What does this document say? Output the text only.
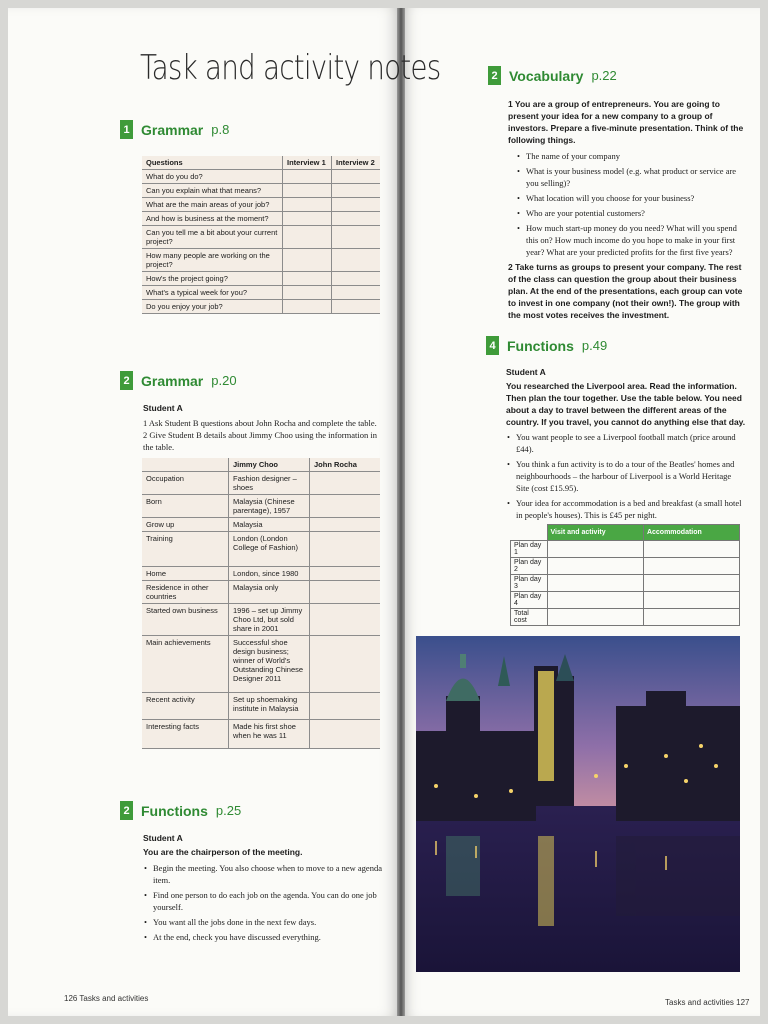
Task and activity notes
1 Grammar p.8
Questions	Interview 1	Interview 2
What do you do?		
Can you explain what that means?		
What are the main areas of your job?		
And how is business at the moment?		
Can you tell me a bit about your current project?		
How many people are working on the project?		
How's the project going?		
What's a typical week for you?		
Do you enjoy your job?		
2 Grammar p.20
Student A
1 Ask Student B questions about John Rocha and complete the table.
2 Give Student B details about Jimmy Choo using the information in the table.
	Jimmy Choo	John Rocha
Occupation	Fashion designer – shoes	
Born	Malaysia (Chinese parentage), 1957	
Grow up	Malaysia	
Training	London (London College of Fashion)	
Home	London, since 1980	
Residence in other countries	Malaysia only	
Started own business	1996 – set up Jimmy Choo Ltd, but sold share in 2001	
Main achievements	Successful shoe design business; winner of World's Outstanding Chinese Designer 2011	
Recent activity	Set up shoemaking institute in Malaysia	
Interesting facts	Made his first shoe when he was 11	
2 Functions p.25
Student A
You are the chairperson of the meeting.
• Begin the meeting. You also choose when to move to a new agenda item.
• Find one person to do each job on the agenda. You can do one job yourself.
• You want all the jobs done in the next few days.
• At the end, check you have discussed everything.
126 Tasks and activities
2 Vocabulary p.22
1 You are a group of entrepreneurs. You are going to present your idea for a new company to a group of investors. Prepare a five-minute presentation. Think of the following things.
• The name of your company
• What is your business model (e.g. what product or service are you selling)?
• What location will you choose for your business?
• Who are your potential customers?
• How much start-up money do you need? What will you spend this on? How much income do you hope to make in your first year? What are your predicted profits for the first five years?
2 Take turns as groups to present your company. The rest of the class can question the group about their business plan. At the end of the presentations, each group can vote to invest in one company (not their own!). The group with the most votes receives the investment.
4 Functions p.49
Student A
You researched the Liverpool area. Read the information. Then plan the tour together. Use the table below. You need about a day to travel between the different areas of the country. If you travel, you cannot do anything else that day.
• You want people to see a Liverpool football match (price around £44).
• You think a fun activity is to do a tour of the Beatles' homes and neighbourhoods – the harbour of Liverpool is a World Heritage Site (cost £15.95).
• Your idea for accommodation is a bed and breakfast (a small hotel in people's houses). This is £45 per night.
	Visit and activity	Accommodation
Plan day 1		
Plan day 2		
Plan day 3		
Plan day 4		
Total cost		
Tasks and activities 127
